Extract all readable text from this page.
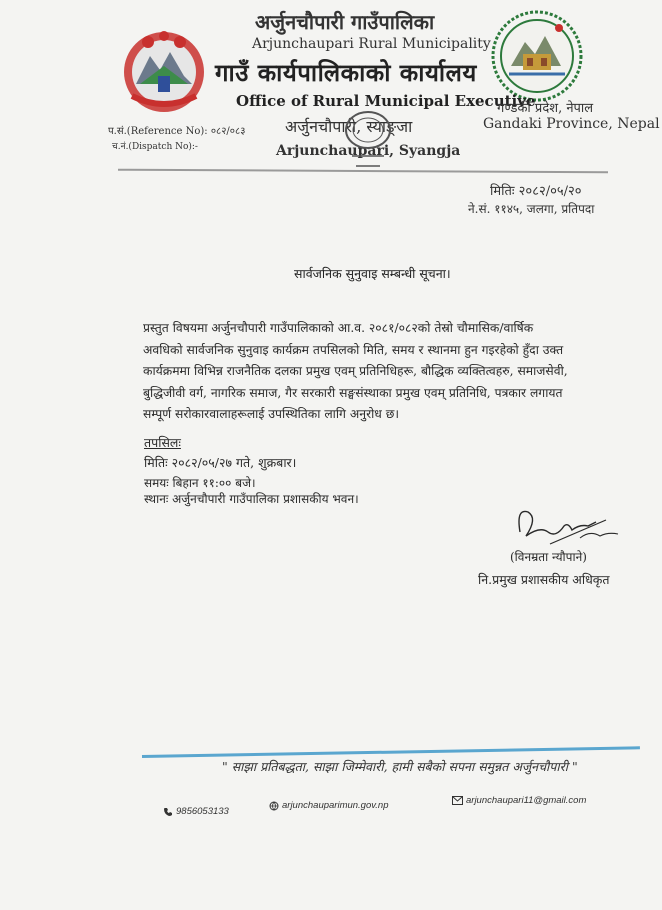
अर्जुनचौपारी गाउँपालिका
Arjunchaupari Rural Municipality
गाउँ कार्यपालिकाको कार्यालय
Office of Rural Municipal Executive
अर्जुनचौपारी, स्याङ्जा
Arjunchaupari, Syangja
गण्डकी प्रदेश, नेपाल
Gandaki Province, Nepal
प.सं.(Reference No): ०८२/०८३
च.नं.(Dispatch No):-
मितिः २०८२/०५/२०
ने.सं. ११४५, जलगा, प्रतिपदा
सार्वजनिक सुनुवाइ सम्बन्धी सूचना।
प्रस्तुत विषयमा अर्जुनचौपारी गाउँपालिकाको आ.व. २०८१/०८२को तेस्रो चौमासिक/वार्षिक
अवधिको सार्वजनिक सुनुवाइ कार्यक्रम तपसिलको मिति, समय र स्थानमा हुन गइरहेको हुँदा उक्त
कार्यक्रममा विभिन्न राजनैतिक दलका प्रमुख एवम् प्रतिनिधिहरू, बौद्धिक व्यक्तित्वहरु, समाजसेवी,
बुद्धिजीवी वर्ग, नागरिक समाज, गैर सरकारी सङ्घसंस्थाका प्रमुख एवम् प्रतिनिधि, पत्रकार लगायत
सम्पूर्ण सरोकारवालाहरूलाई उपस्थितिका लागि अनुरोध छ।
तपसिलः
मितिः २०८२/०५/२७ गते, शुक्रबार।
समयः बिहान ११:०० बजे।
स्थानः अर्जुनचौपारी गाउँपालिका प्रशासकीय भवन।
(विनम्रता न्यौपाने)
नि.प्रमुख प्रशासकीय अधिकृत
" साझा प्रतिबद्धता, साझा जिम्मेवारी, हामी सबैको सपना समुन्नत अर्जुनचौपारी "
9856053133
arjunchauparimun.gov.np	arjunchaupari11@gmail.com
